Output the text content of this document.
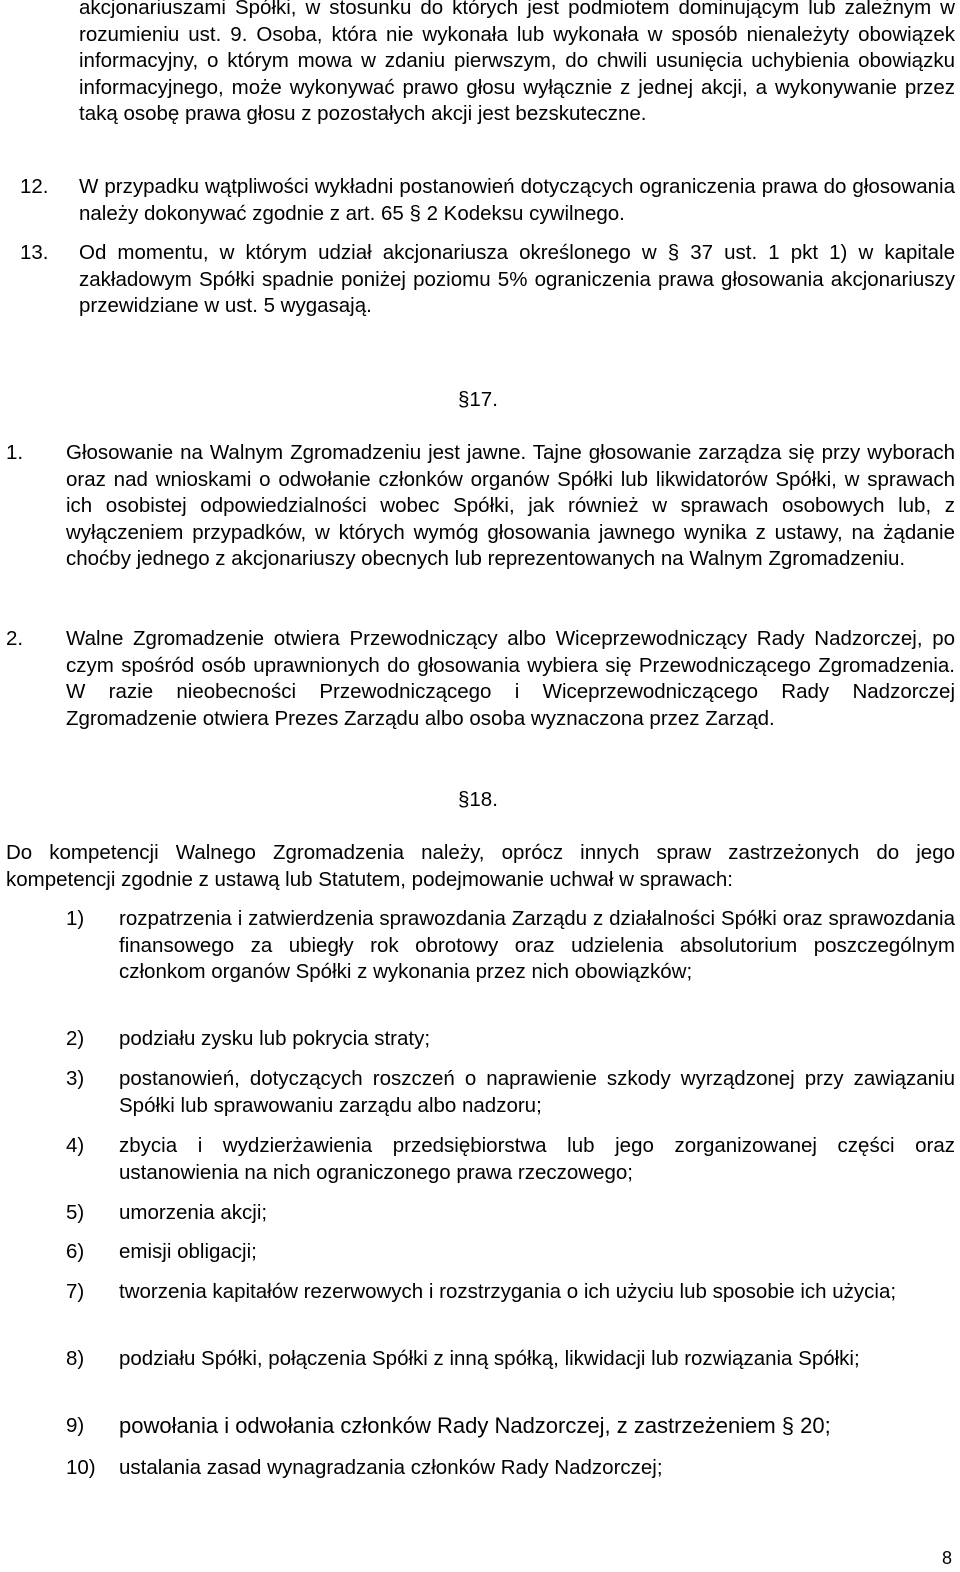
akcjonariuszami Spółki, w stosunku do których jest podmiotem dominującym lub zależnym w rozumieniu ust. 9. Osoba, która nie wykonała lub wykonała w sposób nienależyty obowiązek informacyjny, o którym mowa w zdaniu pierwszym, do chwili usunięcia uchybienia obowiązku informacyjnego, może wykonywać prawo głosu wyłącznie z jednej akcji, a wykonywanie przez taką osobę prawa głosu z pozostałych akcji jest bezskuteczne.
12. W przypadku wątpliwości wykładni postanowień dotyczących ograniczenia prawa do głosowania należy dokonywać zgodnie z art. 65 § 2 Kodeksu cywilnego.
13. Od momentu, w którym udział akcjonariusza określonego w § 37 ust. 1 pkt 1) w kapitale zakładowym Spółki spadnie poniżej poziomu 5% ograniczenia prawa głosowania akcjonariuszy przewidziane w ust. 5 wygasają.
§17.
1. Głosowanie na Walnym Zgromadzeniu jest jawne. Tajne głosowanie zarządza się przy wyborach oraz nad wnioskami o odwołanie członków organów Spółki lub likwidatorów Spółki, w sprawach ich osobistej odpowiedzialności wobec Spółki, jak również w sprawach osobowych lub, z wyłączeniem przypadków, w których wymóg głosowania jawnego wynika z ustawy, na żądanie choćby jednego z akcjonariuszy obecnych lub reprezentowanych na Walnym Zgromadzeniu.
2. Walne Zgromadzenie otwiera Przewodniczący albo Wiceprzewodniczący Rady Nadzorczej, po czym spośród osób uprawnionych do głosowania wybiera się Przewodniczącego Zgromadzenia. W razie nieobecności Przewodniczącego i Wiceprzewodniczącego Rady Nadzorczej Zgromadzenie otwiera Prezes Zarządu albo osoba wyznaczona przez Zarząd.
§18.
Do kompetencji Walnego Zgromadzenia należy, oprócz innych spraw zastrzeżonych do jego kompetencji zgodnie z ustawą lub Statutem, podejmowanie uchwał w sprawach:
1) rozpatrzenia i zatwierdzenia sprawozdania Zarządu z działalności Spółki oraz sprawozdania finansowego za ubiegły rok obrotowy oraz udzielenia absolutorium poszczególnym członkom organów Spółki z wykonania przez nich obowiązków;
2) podziału zysku lub pokrycia straty;
3) postanowień, dotyczących roszczeń o naprawienie szkody wyrządzonej przy zawiązaniu Spółki lub sprawowaniu zarządu albo nadzoru;
4) zbycia i wydzierżawienia przedsiębiorstwa lub jego zorganizowanej części oraz ustanowienia na nich ograniczonego prawa rzeczowego;
5) umorzenia akcji;
6) emisji obligacji;
7) tworzenia kapitałów rezerwowych i rozstrzygania o ich użyciu lub sposobie ich użycia;
8) podziału Spółki, połączenia Spółki z inną spółką, likwidacji lub rozwiązania Spółki;
9) powołania i odwołania członków Rady Nadzorczej, z zastrzeżeniem § 20;
10) ustalania zasad wynagradzania członków Rady Nadzorczej;
8
